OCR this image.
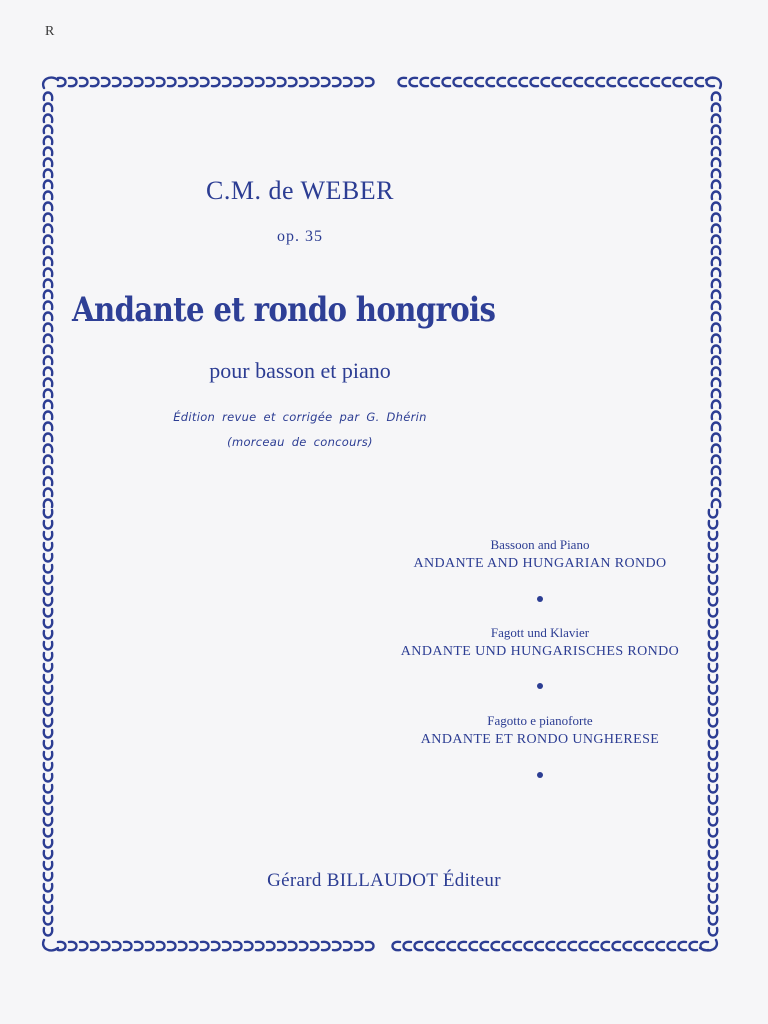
R
C.M. de WEBER
op. 35
Andante et rondo hongrois
pour basson et piano
Édition revue et corrigée par G. Dhérin
(morceau de concours)
Bassoon and Piano
ANDANTE AND HUNGARIAN RONDO
Fagott und Klavier
ANDANTE UND HUNGARISCHES RONDO
Fagotto e pianoforte
ANDANTE ET RONDO UNGHERESE
Gérard BILLAUDOT Éditeur
